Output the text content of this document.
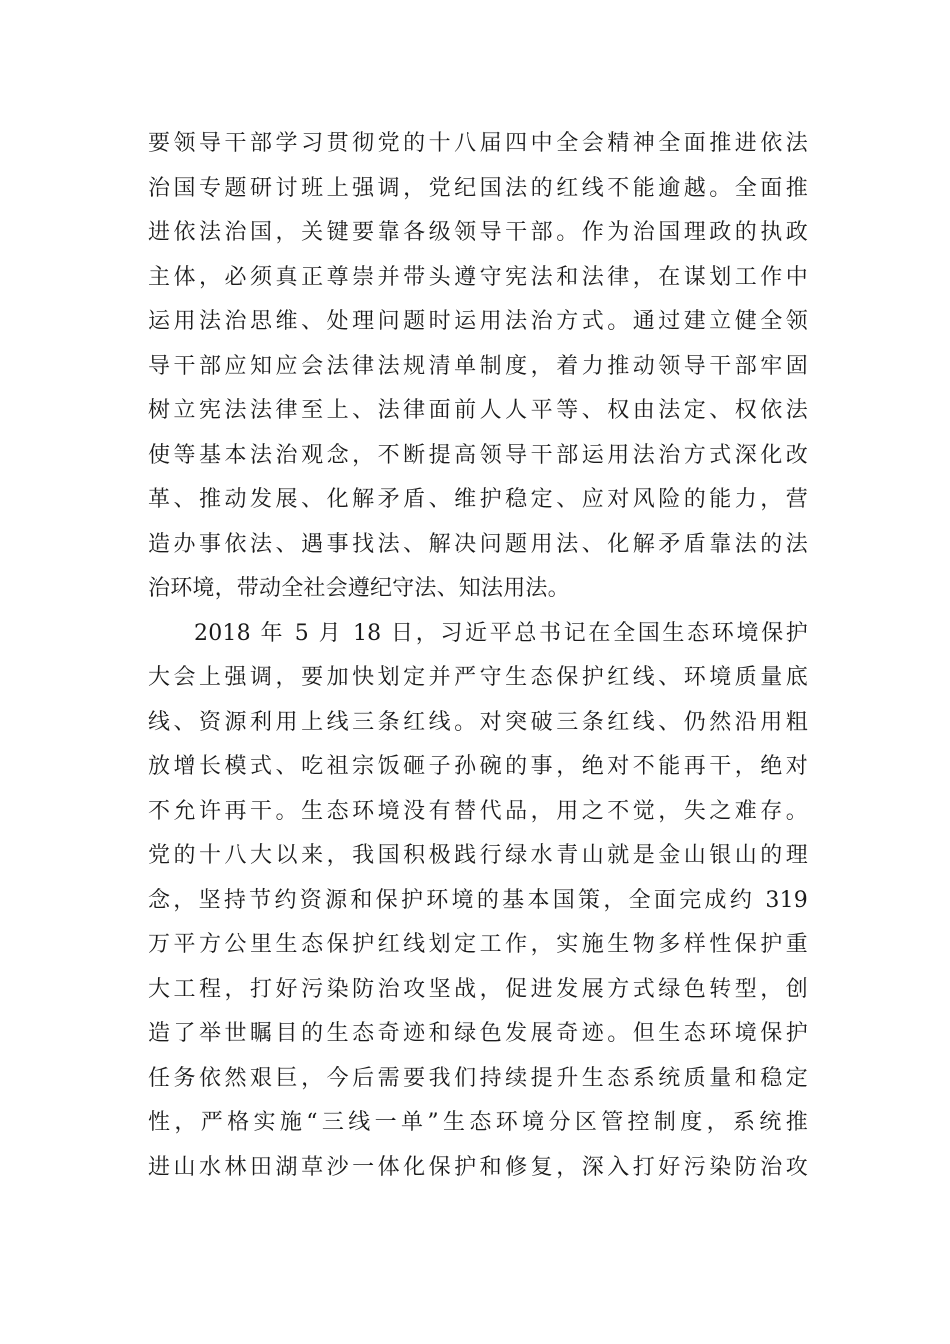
要领导干部学习贯彻党的十八届四中全会精神全面推进依法
治国专题研讨班上强调，党纪国法的红线不能逾越。全面推
进依法治国，关键要靠各级领导干部。作为治国理政的执政
主体，必须真正尊崇并带头遵守宪法和法律，在谋划工作中
运用法治思维、处理问题时运用法治方式。通过建立健全领
导干部应知应会法律法规清单制度，着力推动领导干部牢固
树立宪法法律至上、法律面前人人平等、权由法定、权依法
使等基本法治观念，不断提高领导干部运用法治方式深化改
革、推动发展、化解矛盾、维护稳定、应对风险的能力，营
造办事依法、遇事找法、解决问题用法、化解矛盾靠法的法
治环境，带动全社会遵纪守法、知法用法。
2018 年 5 月 18 日，习近平总书记在全国生态环境保护
大会上强调，要加快划定并严守生态保护红线、环境质量底
线、资源利用上线三条红线。对突破三条红线、仍然沿用粗
放增长模式、吃祖宗饭砸子孙碗的事，绝对不能再干，绝对
不允许再干。生态环境没有替代品，用之不觉，失之难存。
党的十八大以来，我国积极践行绿水青山就是金山银山的理
念，坚持节约资源和保护环境的基本国策，全面完成约 319
万平方公里生态保护红线划定工作，实施生物多样性保护重
大工程，打好污染防治攻坚战，促进发展方式绿色转型，创
造了举世瞩目的生态奇迹和绿色发展奇迹。但生态环境保护
任务依然艰巨，今后需要我们持续提升生态系统质量和稳定
性，严格实施“三线一单”生态环境分区管控制度，系统推
进山水林田湖草沙一体化保护和修复，深入打好污染防治攻
